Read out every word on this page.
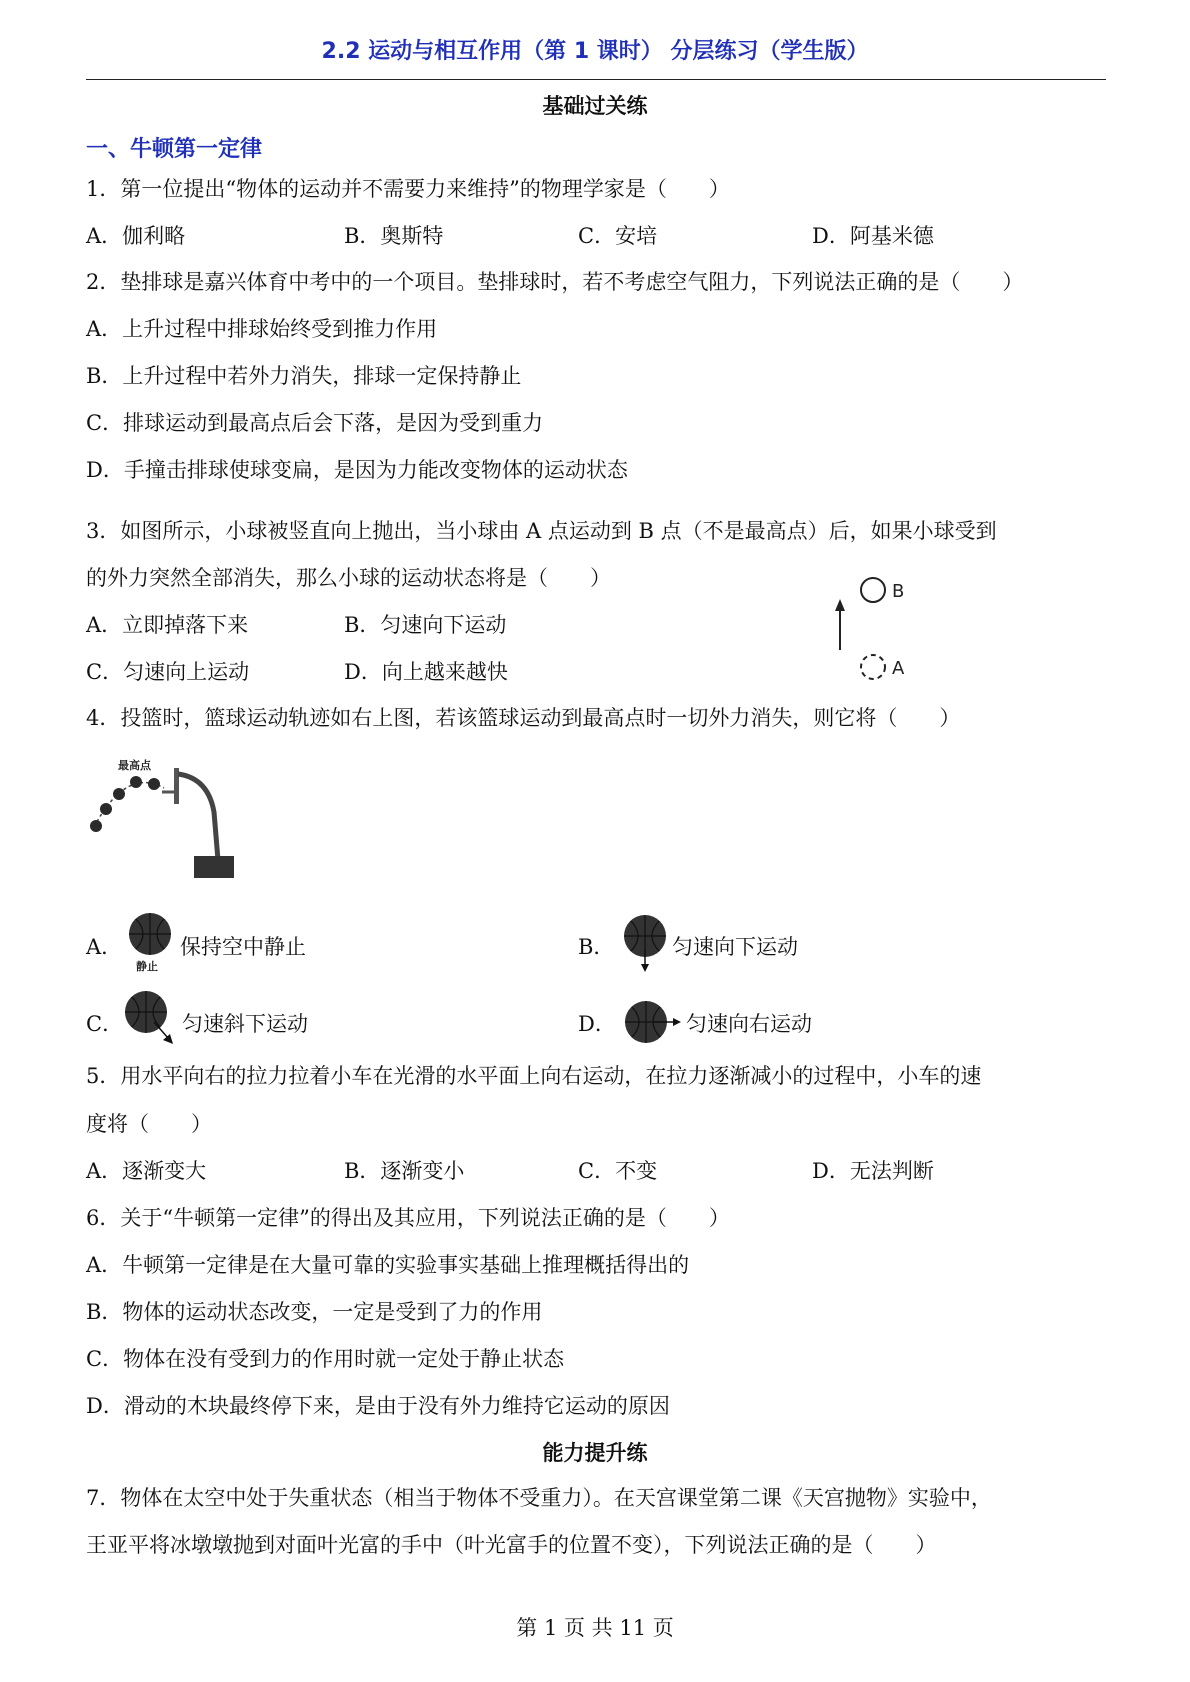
2.2 运动与相互作用（第 1 课时） 分层练习（学生版）
基础过关练
一、牛顿第一定律
1．第一位提出“物体的运动并不需要力来维持”的物理学家是（　　）
A．伽利略	B．奥斯特	C．安培	D．阿基米德
2．垫排球是嘉兴体育中考中的一个项目。垫排球时，若不考虑空气阻力，下列说法正确的是（　　）
A．上升过程中排球始终受到推力作用
B．上升过程中若外力消失，排球一定保持静止
C．排球运动到最高点后会下落，是因为受到重力
D．手撞击排球使球变扁，是因为力能改变物体的运动状态
3．如图所示，小球被竖直向上抛出，当小球由 A 点运动到 B 点（不是最高点）后，如果小球受到
的外力突然全部消失，那么小球的运动状态将是（　　）
A．立即掉落下来	B．匀速向下运动
C．匀速向上运动	D．向上越来越快
B
A
4．投篮时，篮球运动轨迹如右上图，若该篮球运动到最高点时一切外力消失，则它将（　　）
最高点
A．
静止
保持空中静止	B．	匀速向下运动
C．	匀速斜下运动	D．	匀速向右运动
5．用水平向右的拉力拉着小车在光滑的水平面上向右运动，在拉力逐渐减小的过程中，小车的速
度将（　　）
A．逐渐变大	B．逐渐变小	C．不变	D．无法判断
6．关于“牛顿第一定律”的得出及其应用，下列说法正确的是（　　）
A．牛顿第一定律是在大量可靠的实验事实基础上推理概括得出的
B．物体的运动状态改变，一定是受到了力的作用
C．物体在没有受到力的作用时就一定处于静止状态
D．滑动的木块最终停下来，是由于没有外力维持它运动的原因
能力提升练
7．物体在太空中处于失重状态（相当于物体不受重力）。在天宫课堂第二课《天宫抛物》实验中，
王亚平将冰墩墩抛到对面叶光富的手中（叶光富手的位置不变），下列说法正确的是（　　）
第 1 页 共 11 页
